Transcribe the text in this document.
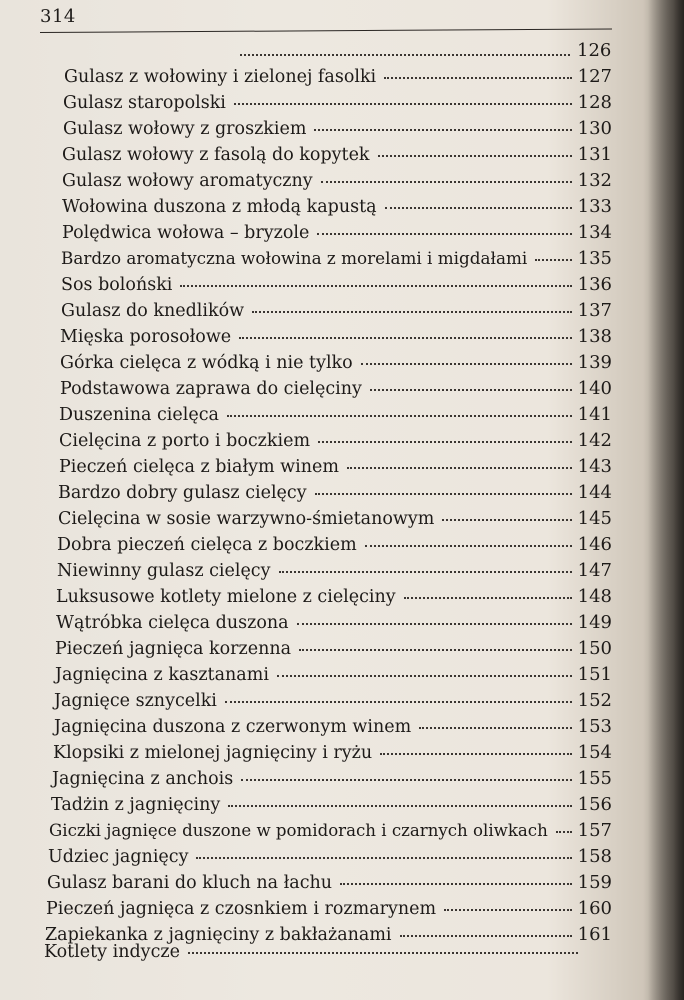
314
126
Gulasz z wołowiny i zielonej fasolki	127
Gulasz staropolski	128
Gulasz wołowy z groszkiem	130
Gulasz wołowy z fasolą do kopytek	131
Gulasz wołowy aromatyczny	132
Wołowina duszona z młodą kapustą	133
Polędwica wołowa – bryzole	134
Bardzo aromatyczna wołowina z morelami i migdałami	135
Sos boloński	136
Gulasz do knedlików	137
Mięska porosołowe	138
Górka cielęca z wódką i nie tylko	139
Podstawowa zaprawa do cielęciny	140
Duszenina cielęca	141
Cielęcina z porto i boczkiem	142
Pieczeń cielęca z białym winem	143
Bardzo dobry gulasz cielęcy	144
Cielęcina w sosie warzywno-śmietanowym	145
Dobra pieczeń cielęca z boczkiem	146
Niewinny gulasz cielęcy	147
Luksusowe kotlety mielone z cielęciny	148
Wątróbka cielęca duszona	149
Pieczeń jagnięca korzenna	150
Jagnięcina z kasztanami	151
Jagnięce sznycelki	152
Jagnięcina duszona z czerwonym winem	153
Klopsiki z mielonej jagnięciny i ryżu	154
Jagnięcina z anchois	155
Tadżin z jagnięciny	156
Giczki jagnięce duszone w pomidorach i czarnych oliwkach 157
Udziec jagnięcy	158
Gulasz barani do kluch na łachu	159
Pieczeń jagnięca z czosnkiem i rozmarynem	160
Zapiekanka z jagnięciny z bakłażanami	161
Kotlety indycze
